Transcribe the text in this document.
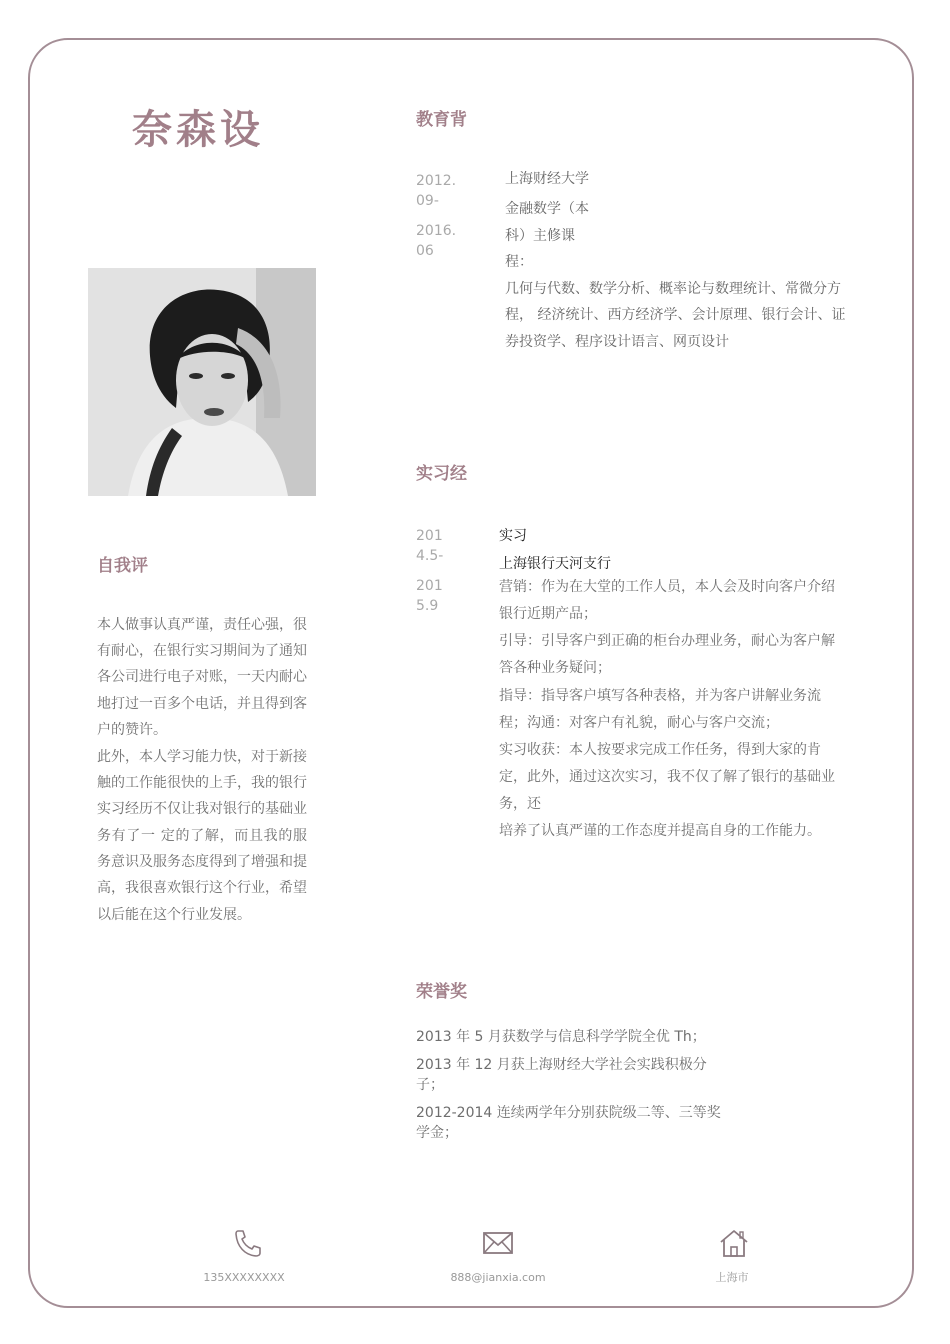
奈森设
自我评

本人做事认真严谨，责任心强，很有耐心，在银行实习期间为了通知各公司进行电子对账，一天内耐心地打过一百多个电话，并且得到客户的赞许。

此外，本人学习能力快，对于新接触的工作能很快的上手，我的银行实习经历不仅让我对银行的基础业务有了一 定的了解，而且我的服务意识及服务态度得到了增强和提高，我很喜欢银行这个行业，希望

以后能在这个行业发展。

教育背
2012.09-
2016.06
上海财经大学

金融数学（本科）主修课程：

几何与代数、数学分析、概率论与数理统计、常微分方程， 经济统计、西方经济学、会计原理、银行会计、证

券投资学、程序设计语言、网页设计

实习经
2014.5-
2015.9
实习
上海银行天河支行

营销：作为在大堂的工作人员，本人会及时向客户介绍银行近期产品；

引导：引导客户到正确的柜台办理业务，耐心为客户解答各种业务疑问；

指导：指导客户填写各种表格，并为客户讲解业务流程；沟通：对客户有礼貌，耐心与客户交流；

实习收获：本人按要求完成工作任务，得到大家的肯定，此外，通过这次实习，我不仅了解了银行的基础业务，还

培养了认真严谨的工作态度并提高自身的工作能力。

荣誉奖

2013 年 5 月获数学与信息科学学院全优 Th；

2013 年 12 月获上海财经大学社会实践积极分子；

2012-2014 连续两学年分别获院级二等、三等奖学金；

135XXXXXXXX	888@jianxia.com	上海市
